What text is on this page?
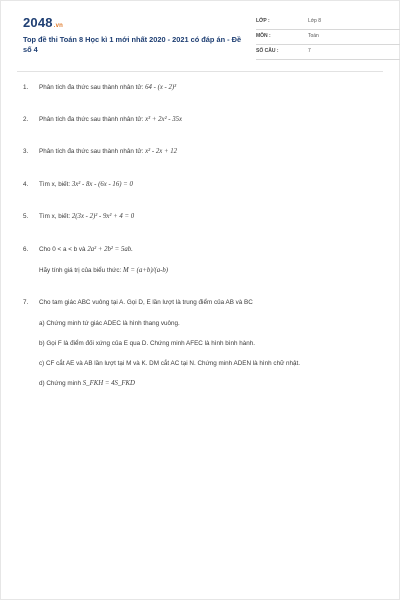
2048.vn
Top đề thi Toán 8 Học kì 1 mới nhất 2020 - 2021 có đáp án - Đề số 4
LỚP :	Lớp 8
MÔN :	Toán
SỐ CÂU :	7
1. Phân tích đa thức sau thành nhân tử: 64 - (x - 2)³
2. Phân tích đa thức sau thành nhân tử: x³ + 2x² - 35x
3. Phân tích đa thức sau thành nhân tử: x² - 2x + 12
4. Tìm x, biết: 3x² - 8x - (6x - 16) = 0
5. Tìm x, biết: 2(3x - 2)² - 9x² + 4 = 0
6. Cho 0 < a < b và 2a² + 2b² = 5ab.
Hãy tính giá trị của biểu thức: M = (a+b)/(a-b)
7. Cho tam giác ABC vuông tại A. Gọi D, E lần lượt là trung điểm của AB và BC
a) Chứng minh tứ giác ADEC là hình thang vuông.
b) Gọi F là điểm đối xứng của E qua D. Chứng minh AFEC là hình bình hành.
c) CF cắt AE và AB lần lượt tại M và K. DM cắt AC tại N. Chứng minh ADEN là hình chữ nhật.
d) Chứng minh S_FKH = 4S_FKD
